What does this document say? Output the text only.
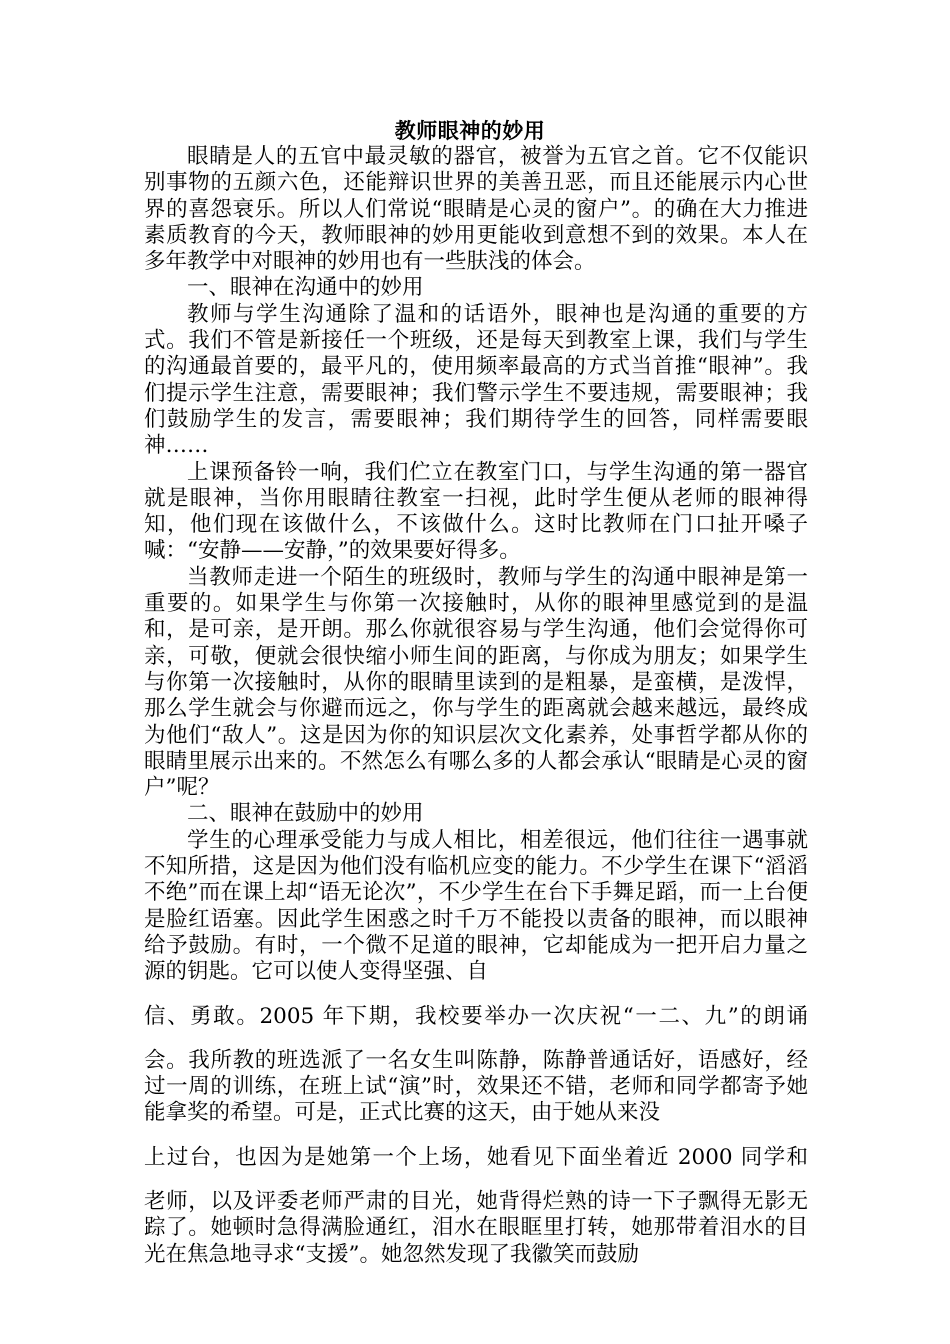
教师眼神的妙用

眼睛是人的五官中最灵敏的器官，被誉为五官之首。它不仅能识别事物的五颜六色，还能辩识世界的美善丑恶，而且还能展示内心世界的喜怨衰乐。所以人们常说“眼睛是心灵的窗户”。的确在大力推进素质教育的今天，教师眼神的妙用更能收到意想不到的效果。本人在多年教学中对眼神的妙用也有一些肤浅的体会。

一、眼神在沟通中的妙用

教师与学生沟通除了温和的话语外，眼神也是沟通的重要的方式。我们不管是新接任一个班级，还是每天到教室上课，我们与学生的沟通最首要的，最平凡的，使用频率最高的方式当首推“眼神”。我们提示学生注意，需要眼神；我们警示学生不要违规，需要眼神；我们鼓励学生的发言，需要眼神；我们期待学生的回答，同样需要眼神……

上课预备铃一响，我们伫立在教室门口，与学生沟通的第一器官就是眼神，当你用眼睛往教室一扫视，此时学生便从老师的眼神得知，他们现在该做什么，不该做什么。这时比教师在门口扯开嗓子喊：“安静——安静，”的效果要好得多。

当教师走进一个陌生的班级时，教师与学生的沟通中眼神是第一重要的。如果学生与你第一次接触时，从你的眼神里感觉到的是温和，是可亲，是开朗。那么你就很容易与学生沟通，他们会觉得你可亲，可敬，便就会很快缩小师生间的距离，与你成为朋友；如果学生与你第一次接触时，从你的眼睛里读到的是粗暴，是蛮横，是泼悍，那么学生就会与你避而远之，你与学生的距离就会越来越远，最终成为他们“敌人”。这是因为你的知识层次文化素养，处事哲学都从你的眼睛里展示出来的。不然怎么有哪么多的人都会承认“眼睛是心灵的窗户”呢？

二、眼神在鼓励中的妙用

学生的心理承受能力与成人相比，相差很远，他们往往一遇事就不知所措，这是因为他们没有临机应变的能力。不少学生在课下“滔滔不绝”而在课上却“语无论次”，不少学生在台下手舞足蹈，而一上台便是脸红语塞。因此学生困惑之时千万不能投以责备的眼神，而以眼神给予鼓励。有时，一个微不足道的眼神，它却能成为一把开启力量之源的钥匙。它可以使人变得坚强、自

信、勇敢。2005 年下期，我校要举办一次庆祝“一二、九”的朗诵
会。我所教的班选派了一名女生叫陈静，陈静普通话好，语感好，经过一周的训练，在班上试“演”时，效果还不错，老师和同学都寄予她能拿奖的希望。可是，正式比赛的这天，由于她从来没
上过台，也因为是她第一个上场，她看见下面坐着近 2000 同学和
老师，以及评委老师严肃的目光，她背得烂熟的诗一下子飘得无影无踪了。她顿时急得满脸通红，泪水在眼眶里打转，她那带着泪水的目光在焦急地寻求“支援”。她忽然发现了我徽笑而鼓励
